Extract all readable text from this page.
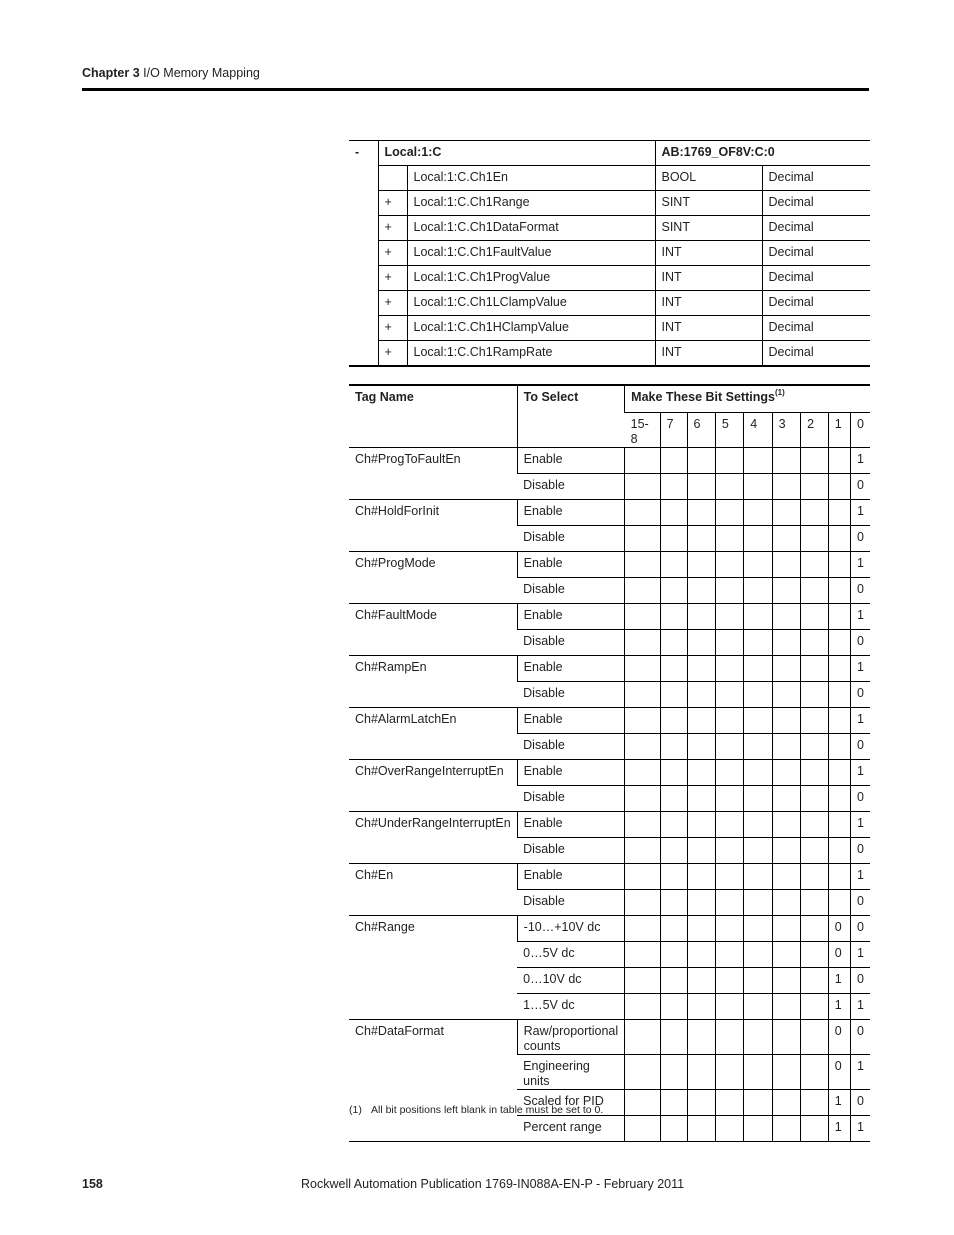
Chapter 3 I/O Memory Mapping
-	Local:1:C		AB:1769_OF8V:C:0	
		Local:1:C.Ch1En	BOOL	Decimal
	+	Local:1:C.Ch1Range	SINT	Decimal
	+	Local:1:C.Ch1DataFormat	SINT	Decimal
	+	Local:1:C.Ch1FaultValue	INT	Decimal
	+	Local:1:C.Ch1ProgValue	INT	Decimal
	+	Local:1:C.Ch1LClampValue	INT	Decimal
	+	Local:1:C.Ch1HClampValue	INT	Decimal
	+	Local:1:C.Ch1RampRate	INT	Decimal
Tag Name	To Select	Make These Bit Settings$^{(1)}$
		15-8	7	6	5	4	3	2	1	0
Ch#ProgToFaultEn	Enable									1
	Disable									0
Ch#HoldForInit	Enable									1
	Disable									0
Ch#ProgMode	Enable									1
	Disable									0
Ch#FaultMode	Enable									1
	Disable									0
Ch#RampEn	Enable									1
	Disable									0
Ch#AlarmLatchEn	Enable									1
	Disable									0
Ch#OverRangeInterruptEn	Enable									1
	Disable									0
Ch#UnderRangeInterruptEn	Enable									1
	Disable									0
Ch#En	Enable									1
	Disable									0
Ch#Range	-10…+10V dc								0	0
	0…5V dc								0	1
	0…10V dc								1	0
	1…5V dc								1	1
Ch#DataFormat	Raw/proportional counts								0	0
	Engineering units								0	1
	Scaled for PID								1	0
	Percent range								1	1
(1) All bit positions left blank in table must be set to 0.
158	Rockwell Automation Publication 1769-IN088A-EN-P - February 2011
